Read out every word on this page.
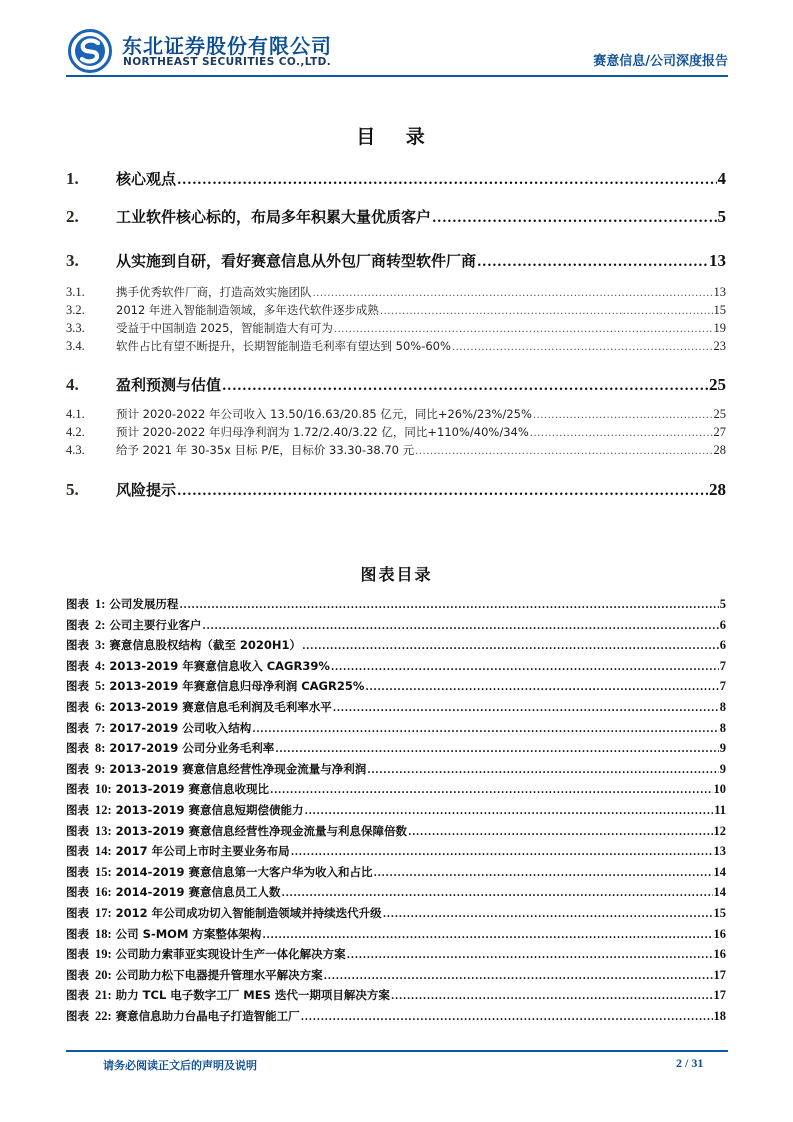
东北证券股份有限公司
NORTHEAST SECURITIES CO.,LTD.	赛意信息/公司深度报告
目 录
1.	核心观点 .....	4
2.	工业软件核心标的，布局多年积累大量优质客户 .....	5
3.	从实施到自研，看好赛意信息从外包厂商转型软件厂商 .....	13
3.1.	携手优秀软件厂商，打造高效实施团队 .....	13
3.2.	2012 年进入智能制造领域，多年迭代软件逐步成熟 .....	15
3.3.	受益于中国制造 2025，智能制造大有可为 .....	19
3.4.	软件占比有望不断提升，长期智能制造毛利率有望达到 50%-60% .....	23
4.	盈利预测与估值 .....	25
4.1.	预计 2020-2022 年公司收入 13.50/16.63/20.85 亿元，同比+26%/23%/25% .....	25
4.2.	预计 2020-2022 年归母净利润为 1.72/2.40/3.22 亿，同比+110%/40%/34% .....	27
4.3.	给予 2021 年 30-35x 目标 P/E，目标价 33.30-38.70 元 .....	28
5.	风险提示 .....	28
图表目录
图表 1: 公司发展历程 .....	5
图表 2: 公司主要行业客户 .....	6
图表 3: 赛意信息股权结构（截至 2020H1） .....	6
图表 4: 2013-2019 年赛意信息收入 CAGR39% .....	7
图表 5: 2013-2019 年赛意信息归母净利润 CAGR25% .....	7
图表 6: 2013-2019 赛意信息毛利润及毛利率水平 .....	8
图表 7: 2017-2019 公司收入结构 .....	8
图表 8: 2017-2019 公司分业务毛利率 .....	9
图表 9: 2013-2019 赛意信息经营性净现金流量与净利润 .....	9
图表 10: 2013-2019 赛意信息收现比 .....	10
图表 12: 2013-2019 赛意信息短期偿债能力 .....	11
图表 13: 2013-2019 赛意信息经营性净现金流量与利息保障倍数 .....	12
图表 14: 2017 年公司上市时主要业务布局 .....	13
图表 15: 2014-2019 赛意信息第一大客户华为收入和占比 .....	14
图表 16: 2014-2019 赛意信息员工人数 .....	14
图表 17: 2012 年公司成功切入智能制造领域并持续迭代升级 .....	15
图表 18: 公司 S-MOM 方案整体架构 .....	16
图表 19: 公司助力索菲亚实现设计生产一体化解决方案 .....	16
图表 20: 公司助力松下电器提升管理水平解决方案 .....	17
图表 21: 助力 TCL 电子数字工厂 MES 迭代一期项目解决方案 .....	17
图表 22: 赛意信息助力台晶电子打造智能工厂 .....	18
请务必阅读正文后的声明及说明	2 / 31
